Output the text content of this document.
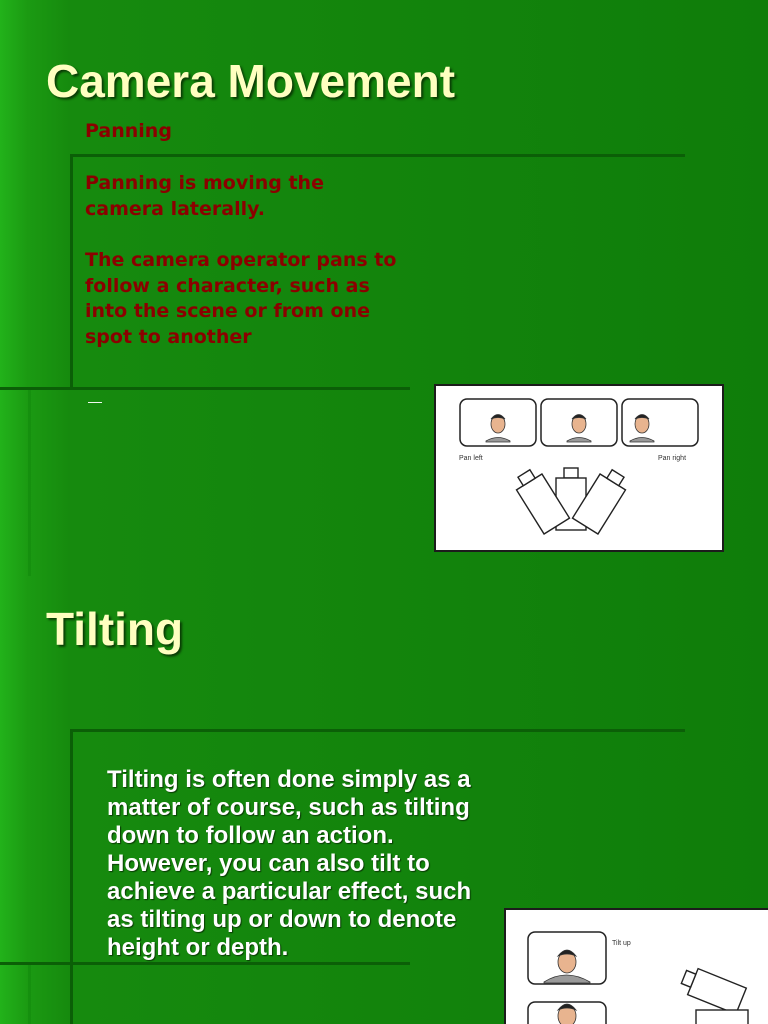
Camera Movement

Panning

Panning is moving the camera laterally.

The camera operator pans to follow a character, such as into the scene or from one spot to another

—
Pan left	Pan right
Tilting

Tilting is often done simply as a matter of course, such as tilting down to follow an action. However, you can also tilt to achieve a particular effect, such as tilting up or down to denote height or depth.	Tilt up
